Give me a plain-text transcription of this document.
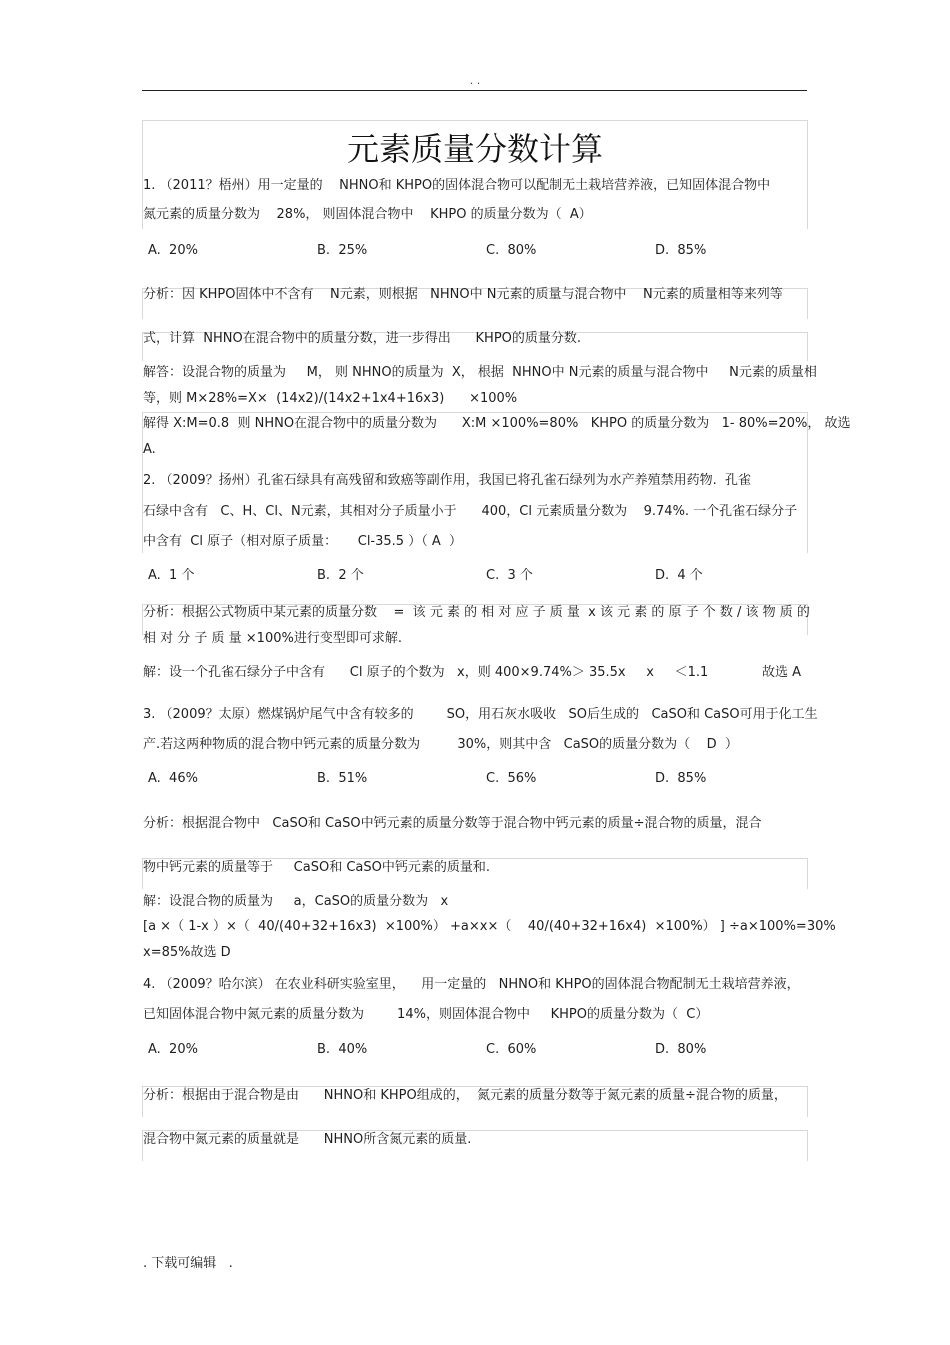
. .
元素质量分数计算
1. （2011？梧州）用一定量的    NHNO和 KHPO的固体混合物可以配制无土栽培营养液，已知固体混合物中
氮元素的质量分数为    28%， 则固体混合物中    KHPO 的质量分数为（  A）
A.  20%	B.  25%	C.  80%	D.  85%
分析：因 KHPO固体中不含有    N元素，则根据   NHNO中 N元素的质量与混合物中    N元素的质量相等来列等
式，计算  NHNO在混合物中的质量分数，进一步得出      KHPO的质量分数.
解答：设混合物的质量为     M， 则 NHNO的质量为  X， 根据  NHNO中 N元素的质量与混合物中     N元素的质量相
等，则 M×28%=X×  (14x2)/(14x2+1x4+16x3)      ×100%
解得 X:M=0.8  则 NHNO在混合物中的质量分数为      X:M ×100%=80%   KHPO 的质量分数为   1- 80%=20%， 故选
A.
2. （2009？扬州）孔雀石绿具有高残留和致癌等副作用，我国已将孔雀石绿列为水产养殖禁用药物.  孔雀
石绿中含有   C、H、Cl、N元素，其相对分子质量小于      400，Cl 元素质量分数为    9.74%. 一个孔雀石绿分子
中含有  Cl 原子（相对原子质量：     Cl-35.5 ）（ A  ）
A.  1 个	B.  2 个	C.  3 个	D.  4 个
分析：根据公式物质中某元素的质量分数    =  该 元 素 的 相 对 应 子 质 量  x 该 元 素 的 原 子 个 数 / 该 物 质 的
相 对 分 子 质 量 ×100%进行变型即可求解.
解：设一个孔雀石绿分子中含有      Cl 原子的个数为   x，则 400×9.74%＞ 35.5x     x     ＜1.1             故选 A
3. （2009？太原）燃煤锅炉尾气中含有较多的        SO，用石灰水吸收   SO后生成的   CaSO和 CaSO可用于化工生
产.若这两种物质的混合物中钙元素的质量分数为         30%，则其中含   CaSO的质量分数为（    D  ）
A.  46%	B.  51%	C.  56%	D.  85%
分析：根据混合物中   CaSO和 CaSO中钙元素的质量分数等于混合物中钙元素的质量÷混合物的质量，混合
物中钙元素的质量等于     CaSO和 CaSO中钙元素的质量和.
解：设混合物的质量为     a，CaSO的质量分数为   x
[a ×（ 1-x ）×（  40/(40+32+16x3)  ×100%） +a×x×（    40/(40+32+16x4)  ×100%） ] ÷a×100%=30%
x=85%故选 D
4. （2009？哈尔滨） 在农业科研实验室里，    用一定量的   NHNO和 KHPO的固体混合物配制无土栽培营养液，
已知固体混合物中氮元素的质量分数为        14%，则固体混合物中     KHPO的质量分数为（  C）
A.  20%	B.  40%	C.  60%	D.  80%
分析：根据由于混合物是由      NHNO和 KHPO组成的，  氮元素的质量分数等于氮元素的质量÷混合物的质量，
混合物中氮元素的质量就是      NHNO所含氮元素的质量.
. 下载可编辑   .
